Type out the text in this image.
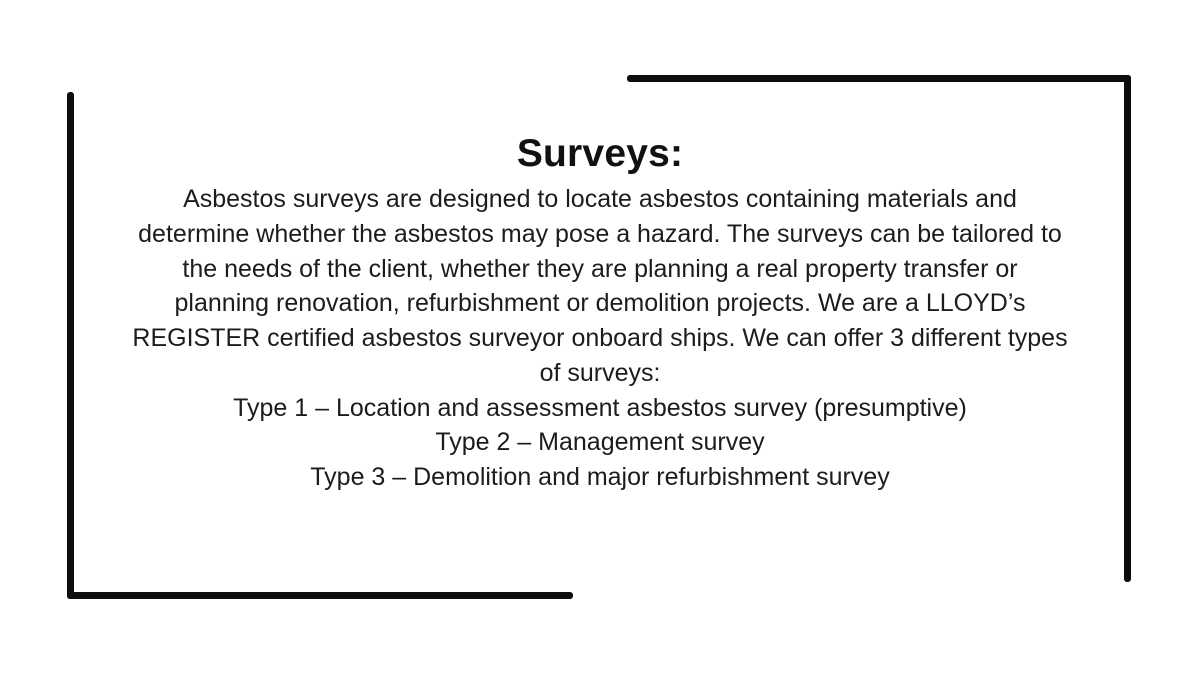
Surveys:
Asbestos surveys are designed to locate asbestos containing materials and
determine whether the asbestos may pose a hazard. The surveys can be tailored to
the needs of the client, whether they are planning a real property transfer or
planning renovation, refurbishment or demolition projects. We are a LLOYD’s
REGISTER certified asbestos surveyor onboard ships. We can offer 3 different types
of surveys:
Type 1 – Location and assessment asbestos survey (presumptive)
Type 2 – Management survey
Type 3 – Demolition and major refurbishment survey
